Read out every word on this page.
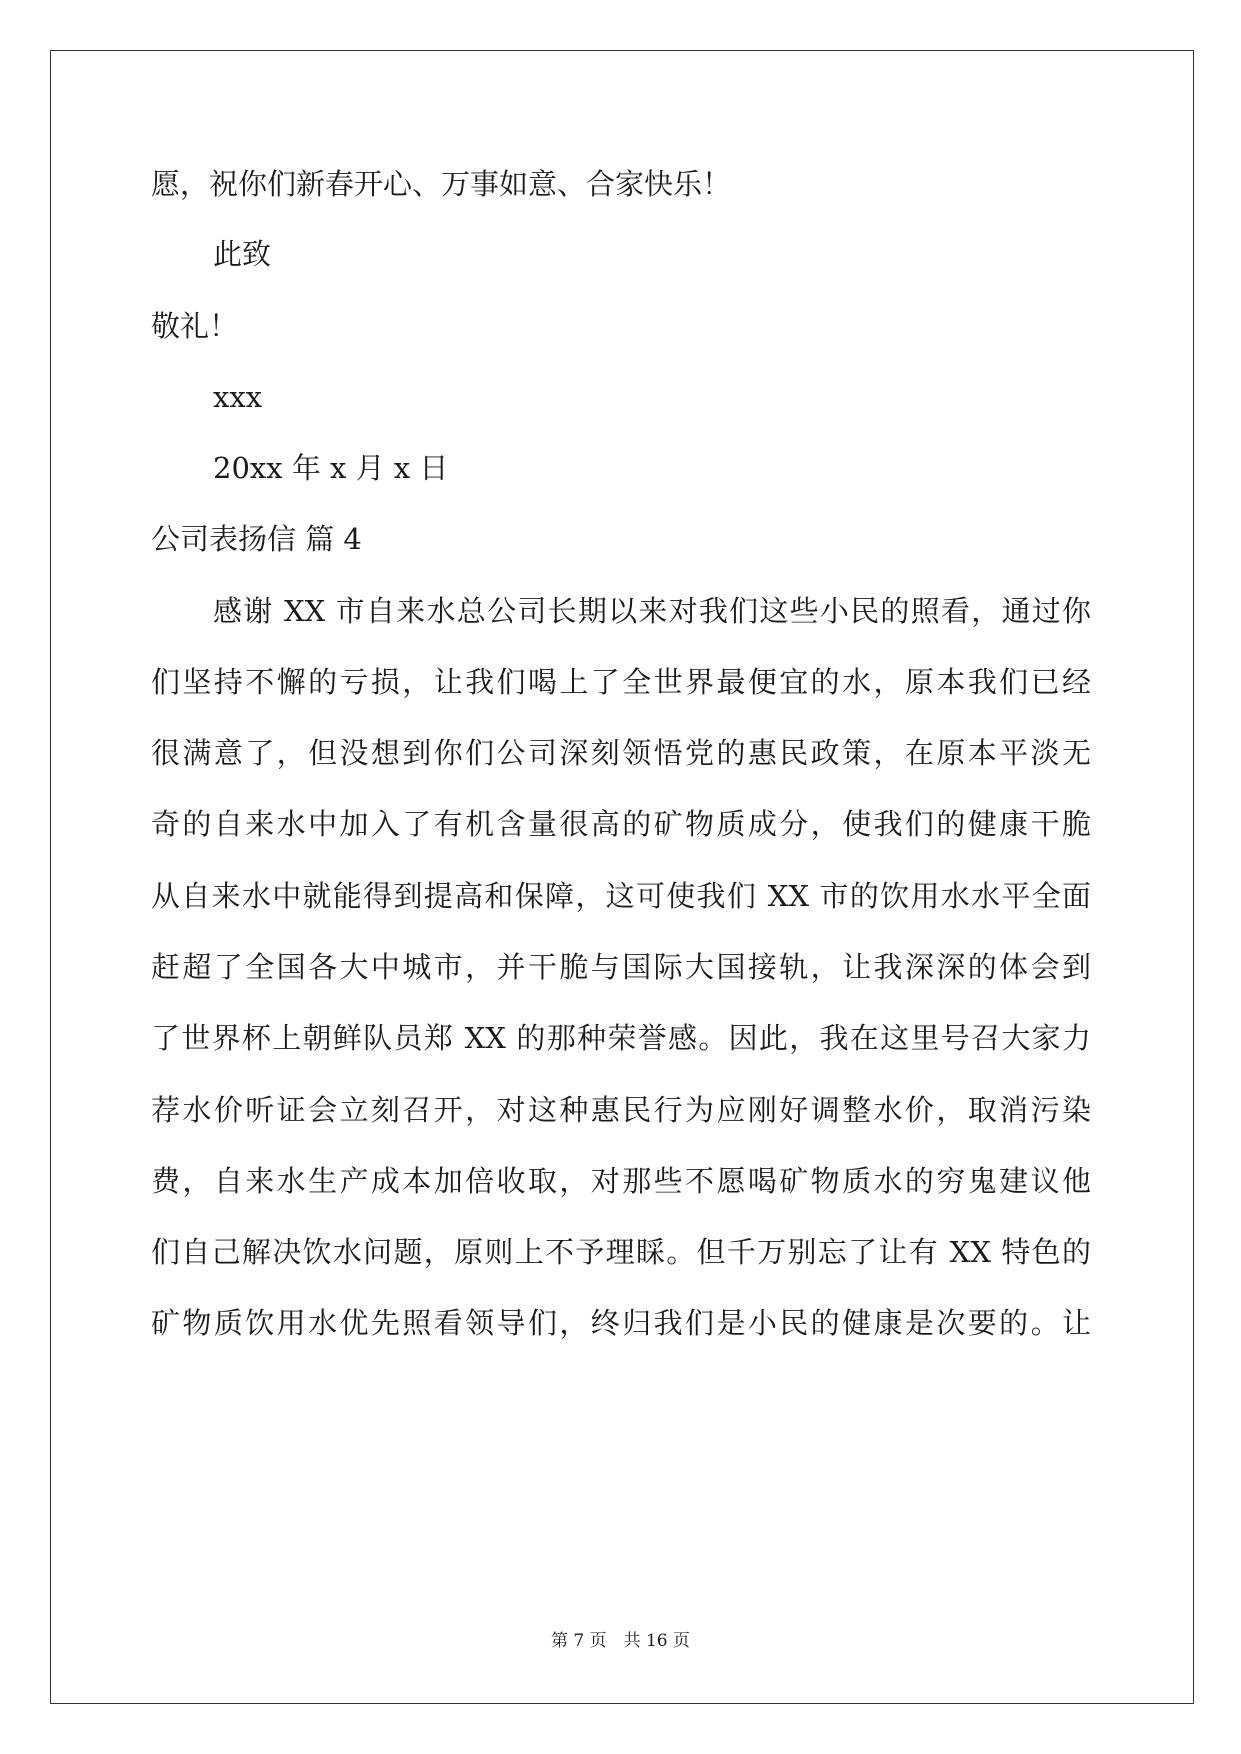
愿，祝你们新春开心、万事如意、合家快乐！
此致
敬礼！
xxx
20xx 年 x 月 x 日
公司表扬信 篇 4
感谢 XX 市自来水总公司长期以来对我们这些小民的照看，通过你
们坚持不懈的亏损，让我们喝上了全世界最便宜的水，原本我们已经
很满意了，但没想到你们公司深刻领悟党的惠民政策，在原本平淡无
奇的自来水中加入了有机含量很高的矿物质成分，使我们的健康干脆
从自来水中就能得到提高和保障，这可使我们 XX 市的饮用水水平全面
赶超了全国各大中城市，并干脆与国际大国接轨，让我深深的体会到
了世界杯上朝鲜队员郑 XX 的那种荣誉感。因此，我在这里号召大家力
荐水价听证会立刻召开，对这种惠民行为应刚好调整水价，取消污染
费，自来水生产成本加倍收取，对那些不愿喝矿物质水的穷鬼建议他
们自己解决饮水问题，原则上不予理睬。但千万别忘了让有 XX 特色的
矿物质饮用水优先照看领导们，终归我们是小民的健康是次要的。让
第 7 页　共 16 页
